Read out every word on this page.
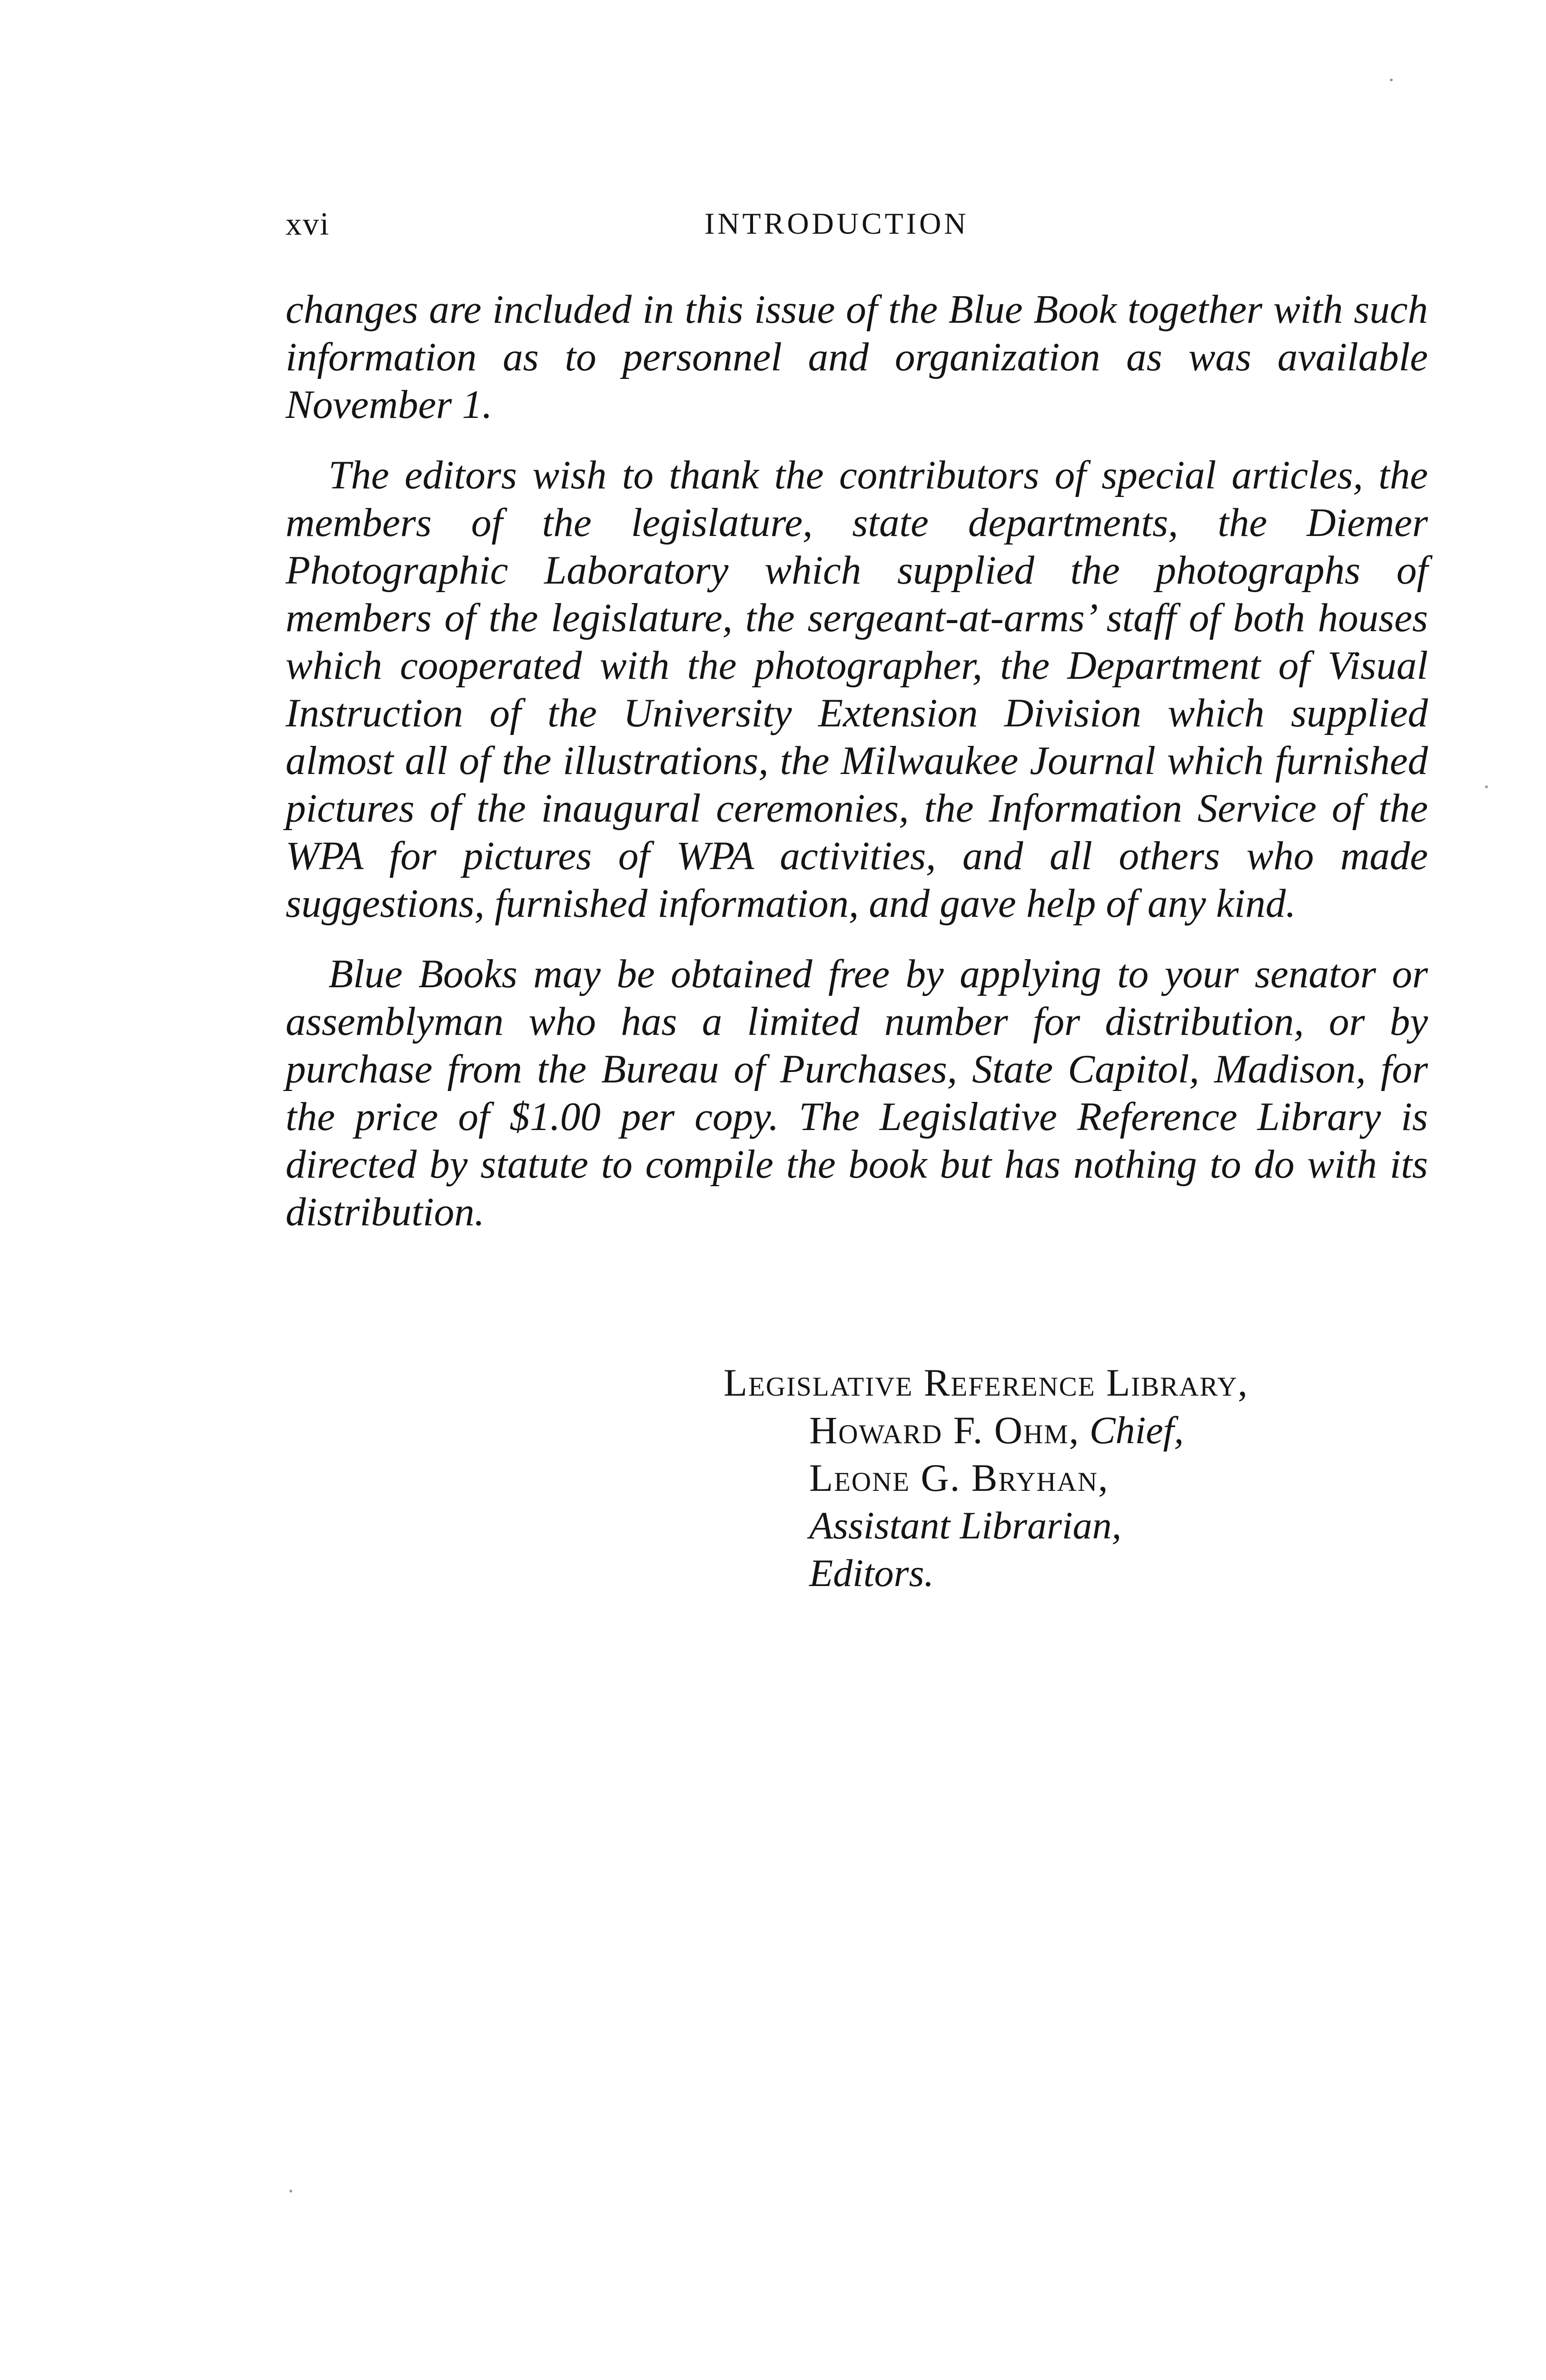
xvi	INTRODUCTION

changes are included in this issue of the Blue Book together with such information as to personnel and organization as was available November 1.

The editors wish to thank the contributors of special articles, the members of the legislature, state departments, the Diemer Photographic Laboratory which supplied the photographs of members of the legislature, the sergeant-at-arms’ staff of both houses which cooperated with the photographer, the Department of Visual Instruction of the University Extension Division which supplied almost all of the illustrations, the Milwaukee Journal which furnished pictures of the inaugural ceremonies, the Information Service of the WPA for pictures of WPA activities, and all others who made suggestions, furnished information, and gave help of any kind.

Blue Books may be obtained free by applying to your senator or assemblyman who has a limited number for distribution, or by purchase from the Bureau of Purchases, State Capitol, Madison, for the price of $1.00 per copy. The Legislative Reference Library is directed by statute to compile the book but has nothing to do with its distribution.

Legislative Reference Library,
Howard F. Ohm, Chief,
Leone G. Bryhan,
Assistant Librarian,
Editors.
